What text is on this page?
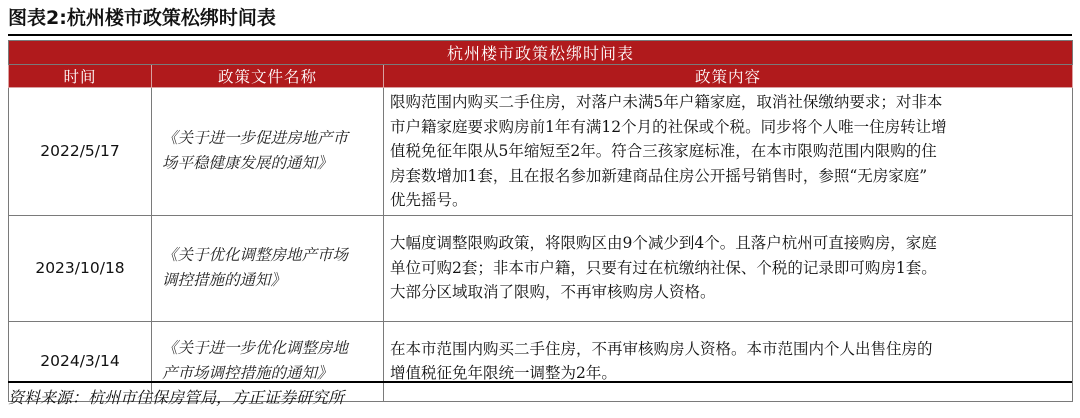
图表2:杭州楼市政策松绑时间表
杭州楼市政策松绑时间表		
时间	政策文件名称	政策内容
2022/5/17	《关于进一步促进房地产市
场平稳健康发展的通知》	限购范围内购买二手住房，对落户未满5年户籍家庭，取消社保缴纳要求；对非本
市户籍家庭要求购房前1年有满12个月的社保或个税。同步将个人唯一住房转让增
值税免征年限从5年缩短至2年。符合三孩家庭标准，在本市限购范围内限购的住
房套数增加1套，且在报名参加新建商品住房公开摇号销售时，参照“无房家庭”
优先摇号。

2023/10/18	《关于优化调整房地产市场
调控措施的通知》	大幅度调整限购政策，将限购区由9个减少到4个。且落户杭州可直接购房，家庭
单位可购2套；非本市户籍，只要有过在杭缴纳社保、个税的记录即可购房1套。
大部分区域取消了限购，不再审核购房人资格。

2024/3/14	《关于进一步优化调整房地
产市场调控措施的通知》	在本市范围内购买二手住房，不再审核购房人资格。本市范围内个人出售住房的
增值税征免年限统一调整为2年。
资料来源：杭州市住保房管局，方正证券研究所
